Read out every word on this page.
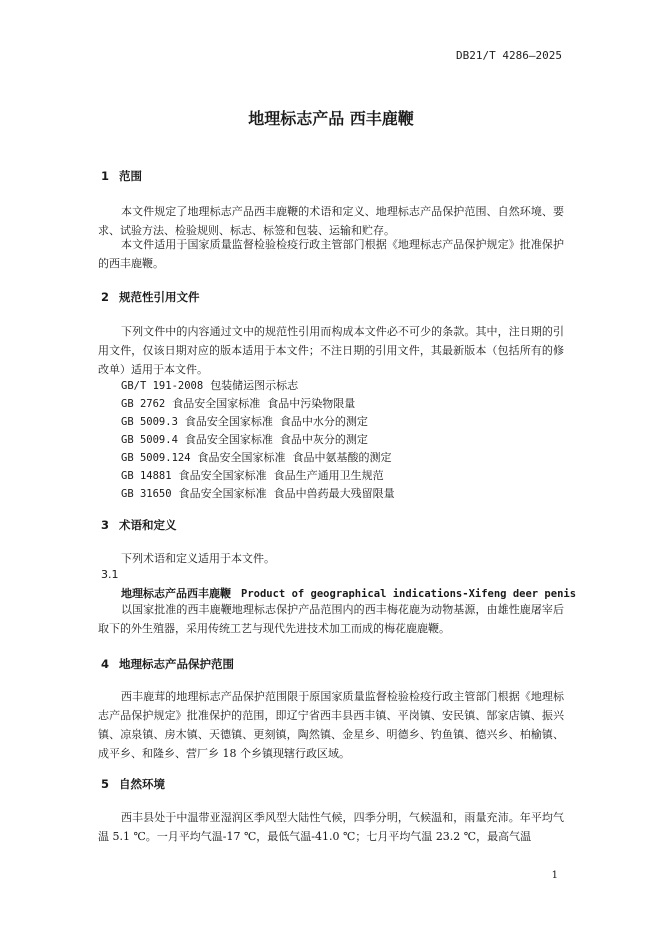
DB21/T 4286—2025
地理标志产品 西丰鹿鞭
1 范围

本文件规定了地理标志产品西丰鹿鞭的术语和定义、地理标志产品保护范围、自然环境、要求、试验方法、检验规则、标志、标签和包装、运输和贮存。

本文件适用于国家质量监督检验检疫行政主管部门根据《地理标志产品保护规定》批准保护的西丰鹿鞭。

2 规范性引用文件

下列文件中的内容通过文中的规范性引用而构成本文件必不可少的条款。其中，注日期的引用文件，仅该日期对应的版本适用于本文件；不注日期的引用文件，其最新版本（包括所有的修改单）适用于本文件。

GB/T 191-2008 包装储运图示标志
GB 2762 食品安全国家标准  食品中污染物限量
GB 5009.3 食品安全国家标准  食品中水分的测定
GB 5009.4 食品安全国家标准  食品中灰分的测定
GB 5009.124 食品安全国家标准  食品中氨基酸的测定
GB 14881 食品安全国家标准  食品生产通用卫生规范
GB 31650 食品安全国家标准  食品中兽药最大残留限量
3 术语和定义

下列术语和定义适用于本文件。

3.1
地理标志产品西丰鹿鞭 Product of geographical indications-Xifeng deer penis

以国家批准的西丰鹿鞭地理标志保护产品范围内的西丰梅花鹿为动物基源，由雄性鹿屠宰后取下的外生殖器，采用传统工艺与现代先进技术加工而成的梅花鹿鹿鞭。

4 地理标志产品保护范围

西丰鹿茸的地理标志产品保护范围限于原国家质量监督检验检疫行政主管部门根据《地理标志产品保护规定》批准保护的范围，即辽宁省西丰县西丰镇、平岗镇、安民镇、郜家店镇、振兴镇、凉泉镇、房木镇、天德镇、更刻镇，陶然镇、金星乡、明德乡、钓鱼镇、德兴乡、柏榆镇、成平乡、和隆乡、营厂乡 18 个乡镇现辖行政区域。

5 自然环境

西丰县处于中温带亚湿润区季风型大陆性气候，四季分明，气候温和，雨量充沛。年平均气温 5.1 ℃。一月平均气温-17 ℃，最低气温-41.0 ℃；七月平均气温 23.2 ℃，最高气温

1
